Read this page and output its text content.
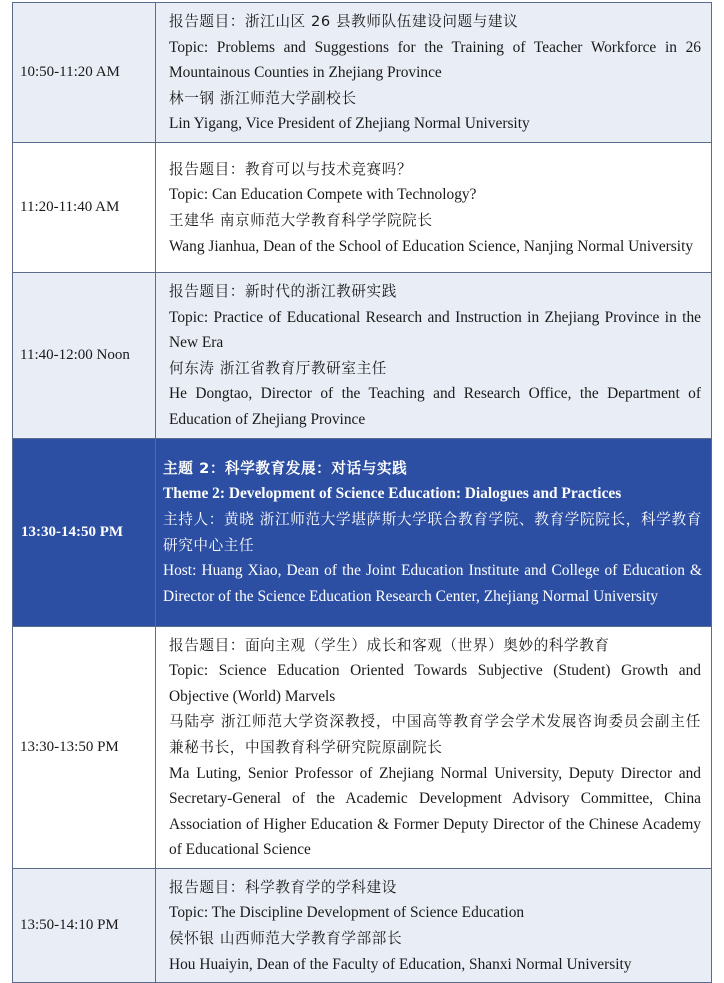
10:50-11:20 AM	报告题目：浙江山区 26 县教师队伍建设问题与建议
Topic: Problems and Suggestions for the Training of Teacher Workforce in 26 Mountainous Counties in Zhejiang Province
林一钢 浙江师范大学副校长
Lin Yigang, Vice President of Zhejiang Normal University

11:20-11:40 AM	报告题目：教育可以与技术竞赛吗？
Topic: Can Education Compete with Technology?
王建华 南京师范大学教育科学学院院长
Wang Jianhua, Dean of the School of Education Science, Nanjing Normal University

11:40-12:00 Noon	报告题目：新时代的浙江教研实践
Topic: Practice of Educational Research and Instruction in Zhejiang Province in the New Era
何东涛 浙江省教育厅教研室主任
He Dongtao, Director of the Teaching and Research Office, the Department of Education of Zhejiang Province

13:30-14:50 PM	主题 2：科学教育发展：对话与实践
Theme 2: Development of Science Education: Dialogues and Practices
主持人：黄晓 浙江师范大学堪萨斯大学联合教育学院、教育学院院长，科学教育研究中心主任
Host: Huang Xiao, Dean of the Joint Education Institute and College of Education & Director of the Science Education Research Center, Zhejiang Normal University

13:30-13:50 PM	报告题目：面向主观（学生）成长和客观（世界）奥妙的科学教育
Topic: Science Education Oriented Towards Subjective (Student) Growth and Objective (World) Marvels
马陆亭 浙江师范大学资深教授，中国高等教育学会学术发展咨询委员会副主任兼秘书长，中国教育科学研究院原副院长
Ma Luting, Senior Professor of Zhejiang Normal University, Deputy Director and Secretary-General of the Academic Development Advisory Committee, China Association of Higher Education & Former Deputy Director of the Chinese Academy of Educational Science

13:50-14:10 PM	报告题目：科学教育学的学科建设
Topic: The Discipline Development of Science Education
侯怀银 山西师范大学教育学部部长
Hou Huaiyin, Dean of the Faculty of Education, Shanxi Normal University
